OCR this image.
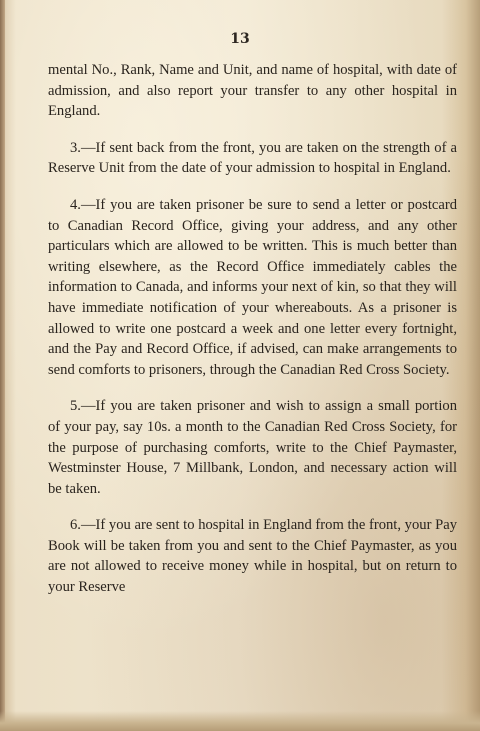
13

mental No., Rank, Name and Unit, and name of hospital, with date of admission, and also report your transfer to any other hospital in England.

3.—If sent back from the front, you are taken on the strength of a Reserve Unit from the date of your admission to hospital in England.

4.—If you are taken prisoner be sure to send a letter or postcard to Canadian Record Office, giving your address, and any other particulars which are allowed to be written. This is much better than writing elsewhere, as the Record Office immediately cables the information to Canada, and informs your next of kin, so that they will have immediate notification of your whereabouts. As a prisoner is allowed to write one postcard a week and one letter every fortnight, and the Pay and Record Office, if advised, can make arrangements to send comforts to prisoners, through the Canadian Red Cross Society.

5.—If you are taken prisoner and wish to assign a small portion of your pay, say 10s. a month to the Canadian Red Cross Society, for the purpose of purchasing comforts, write to the Chief Paymaster, Westminster House, 7 Millbank, London, and necessary action will be taken.

6.—If you are sent to hospital in England from the front, your Pay Book will be taken from you and sent to the Chief Paymaster, as you are not allowed to receive money while in hospital, but on return to your Reserve
